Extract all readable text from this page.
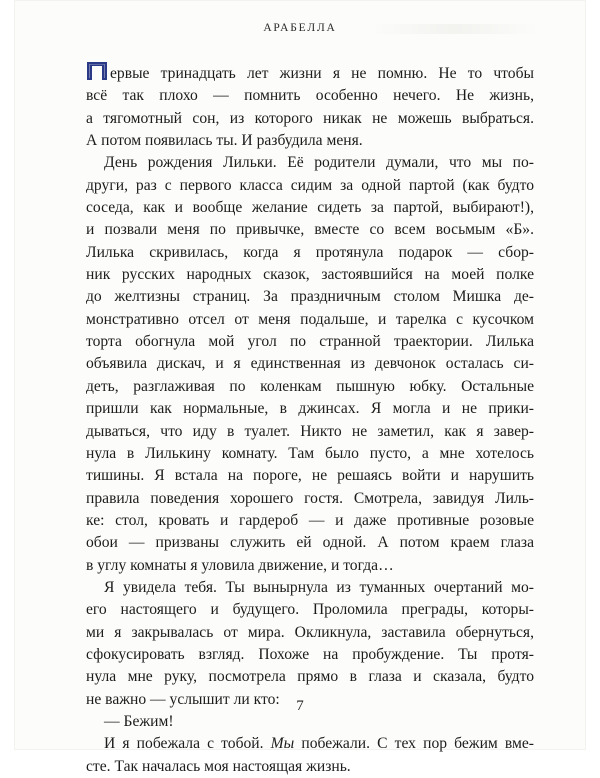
АРАБЕЛЛА
ервые тринадцать лет жизни я не помню. Не то чтобы
всё так плохо — помнить особенно нечего. Не жизнь,
а тягомотный сон, из которого никак не можешь выбраться.
А потом появилась ты. И разбудила меня.
День рождения Лильки. Её родители думали, что мы по-
други, раз с первого класса сидим за одной партой (как будто
соседа, как и вообще желание сидеть за партой, выбирают!),
и позвали меня по привычке, вместе со всем восьмым «Б».
Лилька скривилась, когда я протянула подарок — сбор-
ник русских народных сказок, застоявшийся на моей полке
до желтизны страниц. За праздничным столом Мишка де-
монстративно отсел от меня подальше, и тарелка с кусочком
торта обогнула мой угол по странной траектории. Лилька
объявила дискач, и я единственная из девчонок осталась си-
деть, разглаживая по коленкам пышную юбку. Остальные
пришли как нормальные, в джинсах. Я могла и не прики-
дываться, что иду в туалет. Никто не заметил, как я завер-
нула в Лилькину комнату. Там было пусто, а мне хотелось
тишины. Я встала на пороге, не решаясь войти и нарушить
правила поведения хорошего гостя. Смотрела, завидуя Лиль-
ке: стол, кровать и гардероб — и даже противные розовые
обои — призваны служить ей одной. А потом краем глаза
в углу комнаты я уловила движение, и тогда…
Я увидела тебя. Ты вынырнула из туманных очертаний мо-
его настоящего и будущего. Проломила преграды, которы-
ми я закрывалась от мира. Окликнула, заставила обернуться,
сфокусировать взгляд. Похоже на пробуждение. Ты протя-
нула мне руку, посмотрела прямо в глаза и сказала, будто
не важно — услышит ли кто:
— Бежим!
И я побежала с тобой. Мы побежали. С тех пор бежим вме-
сте. Так началась моя настоящая жизнь.
7
